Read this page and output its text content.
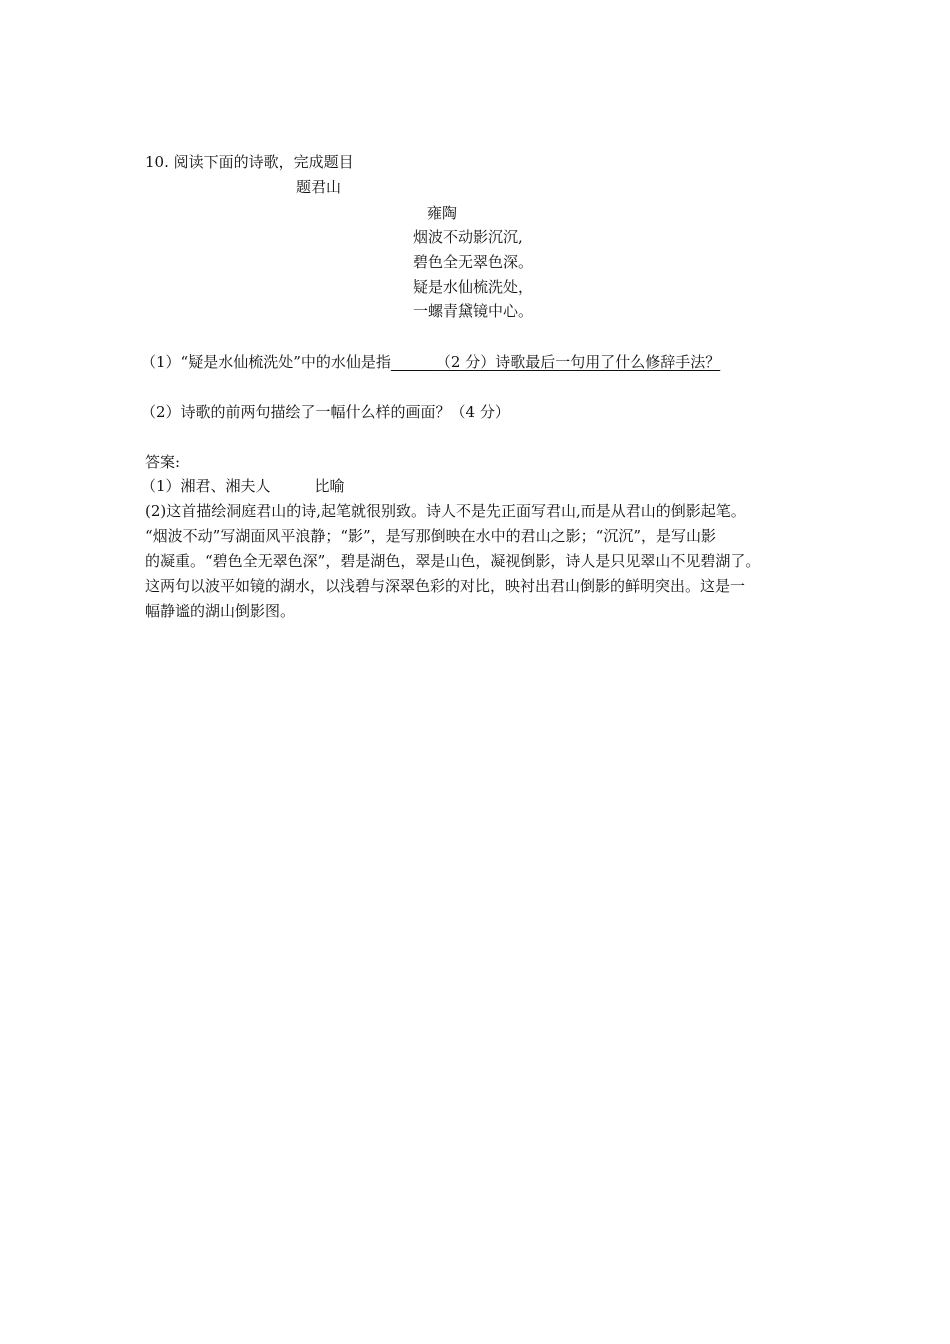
10. 阅读下面的诗歌，完成题目
题君山
雍陶
烟波不动影沉沉,
碧色全无翠色深。
疑是水仙梳洗处，
一螺青黛镜中心。
（1）“疑是水仙梳洗处”中的水仙是指______（2 分）诗歌最后一句用了什么修辞手法？
（2）诗歌的前两句描绘了一幅什么样的画面？（4 分）
答案:
（1）湘君、湘夫人	比喻

(2)这首描绘洞庭君山的诗,起笔就很别致。诗人不是先正面写君山,而是从君山的倒影起笔。

“烟波不动”写湖面风平浪静；“影”，是写那倒映在水中的君山之影；“沉沉”，是写山影

的凝重。“碧色全无翠色深”，碧是湖色，翠是山色，凝视倒影，诗人是只见翠山不见碧湖了。

这两句以波平如镜的湖水，以浅碧与深翠色彩的对比，映衬出君山倒影的鲜明突出。这是一

幅静谧的湖山倒影图。
